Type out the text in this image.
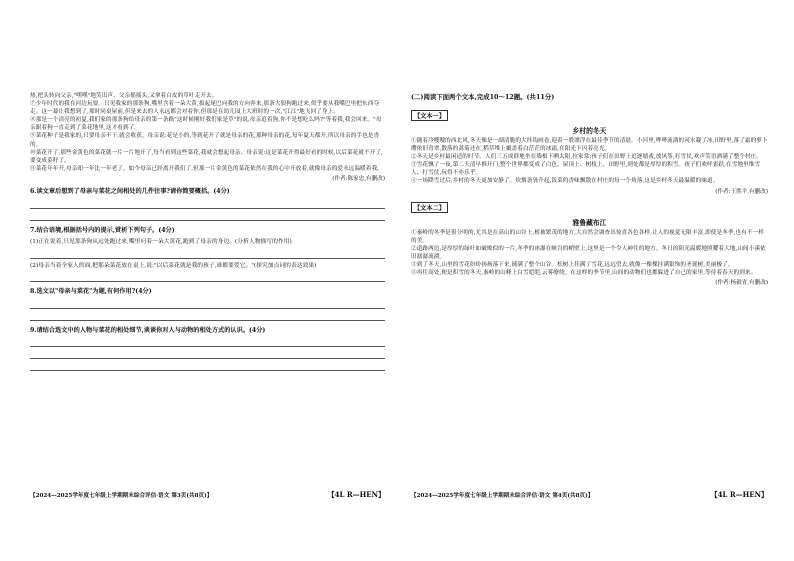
热,把头转向父亲,"嘿嘿"地笑出声。父亲摇摇头,又拿着白皮的草叶走开去。

⑦少年时代的我在河边玩耍。只见我家的那条狗,嘴里含着一朵大黄,拔起尾巴向我的方向奔来,那条大狼狗跑过来,似乎要从我嘴巴里把东西夺走。这一幕让我想到了,那时同桌屋前,但是来去的人永远都会对着你,但那是在幼儿园上大班时的一次,"江江"地飞回了身上。

⑧那是一个清亮的初夏,我们家的那条狗给母亲的第一条路"这时候刚好我们家是草"的说,母亲追着狗,你不是想吃么吗?"等着我,我会回来。"母亲跟着狗一直走到了菜花地里,这才看到了。

⑨菜花种子是我家的,只要母亲不干,就会收获。母亲说:花是小的,等到花开了就是母亲的花,那种母亲的花,每年夏天都开,所以母亲的手也是香的。

⑩菜花开了,那些金黄色的菜花就一片一片地开了,每当看到这些菜花,我就会想起母亲。母亲说:这是菜花开得最好看的时候,以后菜花就不开了,要变成菜籽了。

⑪菜花年年开,母亲却一年比一年老了。如今母亲已经离开我们了,但那一片金黄色的菜花依然在我的心中开放着,就像母亲的爱永远温暖着我。

(作者:陈家忠,有删改)

6.读文章后想到了母亲与菜花之间相处的几件往事?请你简要概括。(4分)

7.结合语境,根据括号内的提示,赏析下列句子。(4分)

(1)正在说着,只见那条狗从远处跑过来,嘴里叼着一朵大黄花,跑到了母亲的身边。(分析人物描写的作用)

(2)母亲当着全家人的面,把那朵菜花放在桌上,说:"以后菜花就是我的孩子,谁都要爱它。"(探究加点词的表达效果)

8.选文以"母亲与菜花"为题,有何作用?(4分)

9.请结合选文中的人物与菜花的相处细节,谈谈你对人与动物的相处方式的认识。(4分)

【2024—2025学年度七年级上学期期末综合评估·语文 第3页(共8页)】	【4L R—HEN】

(二)阅读下面两个文本,完成10～12题。(共11分)

【文本一】

乡村的冬天

①随着冷嗖嗖的西北风,冬天像是一副清脆的大挂钩画卷,迎着一股漂浮在最佳季节的清晨。小河里,哗哗流淌的河水凝了冰,田野里,落了霜的萝卜缨依旧青翠,散落的蒿菊还在,稻草堆上覆盖着白茫茫的冰霜,在阳光下闪着亮光。

②冬天是乡村最闲适的时节。人们三五成群地坐在墙根下晒太阳,拉家常;孩子们在田野上追逐嬉戏,放风筝,打雪仗,欢声笑语洒满了整个村庄。

③雪花飘了一夜,第二天清早推开门,整个世界都变成了白色。屋顶上、树枝上、田野里,到处都是厚厚的积雪。孩子们欢呼雀跃,在雪地里堆雪人、打雪仗,玩得不亦乐乎。

④一场降雪过后,乡村的冬天更加安静了。炊烟袅袅升起,饭菜的香味飘散在村庄的每一个角落,这是乡村冬天最温暖的味道。

(作者:王胜平,有删改)

【文本二】

雅鲁藏布江

①秦岭的冬季是很分明的,尤其是在高山的山谷上,植被繁茂的地方,大自然会调查出惊喜各色各样,让人的视觉无限丰富,即使是冬季,也有不一样的美。

②道路两边,是厚厚的绿叶如破败似的一片,冬季的冰瀑在峡谷的峭壁上,这里是一个令人神往的地方。冬日的阳光温暖地照耀着大地,山间小溪依旧潺潺流淌。

③到了冬天,山里的雪花纷纷扬扬落下来,铺满了整个山谷。松树上挂满了雪花,远远望去,就像一棵棵挂满银饰的圣诞树,美丽极了。

④再往高处,便是积雪的冬天,秦岭的山峰上白雪皑皑,云雾缭绕。在这样的季节里,山间的动物们也都躲进了自己的家里,等待着春天的到来。

(作者:杨毅青,有删改)

【2024—2025学年度七年级上学期期末综合评估·语文 第4页(共8页)】	【4L R—HEN】
